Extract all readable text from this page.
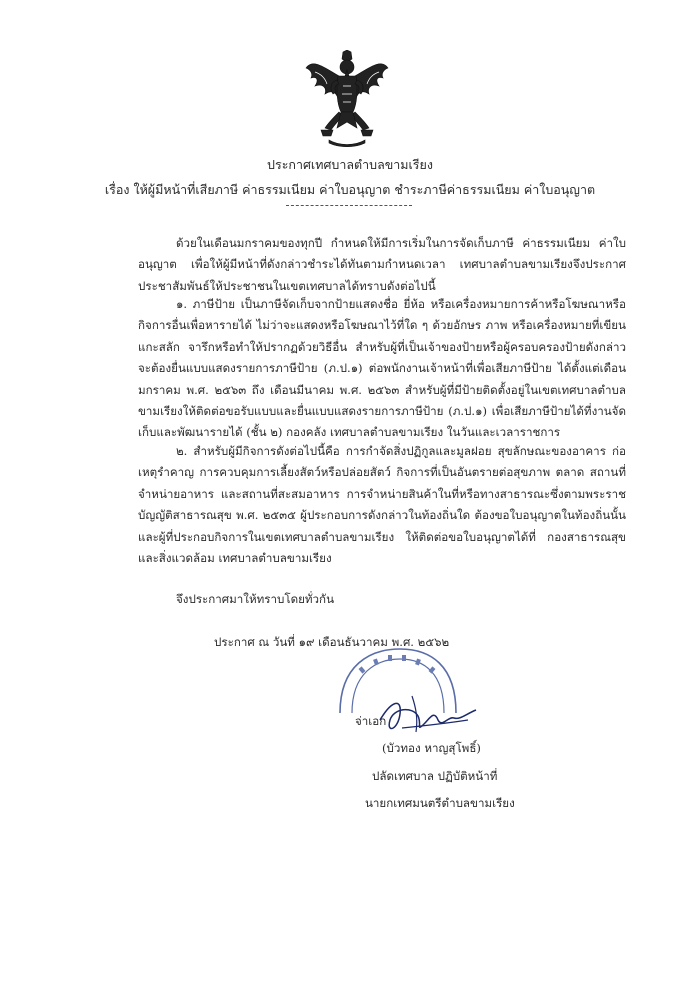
ประกาศเทศบาลตำบลขามเรียง
เรื่อง ให้ผู้มีหน้าที่เสียภาษี ค่าธรรมเนียม ค่าใบอนุญาต ชำระภาษีค่าธรรมเนียม ค่าใบอนุญาต
ด้วยในเดือนมกราคมของทุกปี กำหนดให้มีการเริ่มในการจัดเก็บภาษี ค่าธรรมเนียม ค่าใบอนุญาต เพื่อให้ผู้มีหน้าที่ดังกล่าวชำระได้ทันตามกำหนดเวลา เทศบาลตำบลขามเรียงจึงประกาศประชาสัมพันธ์ให้ประชาชนในเขตเทศบาลได้ทราบดังต่อไปนี้
๑. ภาษีป้าย เป็นภาษีจัดเก็บจากป้ายแสดงชื่อ ยี่ห้อ หรือเครื่องหมายการค้าหรือโฆษณาหรือกิจการอื่นเพื่อหารายได้ ไม่ว่าจะแสดงหรือโฆษณาไว้ที่ใด ๆ ด้วยอักษร ภาพ หรือเครื่องหมายที่เขียน แกะสลัก จารึกหรือทำให้ปรากฏด้วยวิธีอื่น สำหรับผู้ที่เป็นเจ้าของป้ายหรือผู้ครอบครองป้ายดังกล่าวจะต้องยื่นแบบแสดงรายการภาษีป้าย (ภ.ป.๑) ต่อพนักงานเจ้าหน้าที่เพื่อเสียภาษีป้าย ได้ตั้งแต่เดือนมกราคม พ.ศ. ๒๕๖๓ ถึง เดือนมีนาคม พ.ศ. ๒๕๖๓ สำหรับผู้ที่มีป้ายติดตั้งอยู่ในเขตเทศบาลตำบลขามเรียงให้ติดต่อขอรับแบบและยื่นแบบแสดงรายการภาษีป้าย (ภ.ป.๑) เพื่อเสียภาษีป้ายได้ที่งานจัดเก็บและพัฒนารายได้ (ชั้น ๒) กองคลัง เทศบาลตำบลขามเรียง ในวันและเวลาราชการ
๒. สำหรับผู้มีกิจการดังต่อไปนี้คือ การกำจัดสิ่งปฏิกูลและมูลฝอย สุขลักษณะของอาคาร ก่อเหตุรำคาญ การควบคุมการเลี้ยงสัตว์หรือปล่อยสัตว์ กิจการที่เป็นอันตรายต่อสุขภาพ ตลาด สถานที่จำหน่ายอาหาร และสถานที่สะสมอาหาร การจำหน่ายสินค้าในที่หรือทางสาธารณะซึ่งตามพระราชบัญญัติสาธารณสุข พ.ศ. ๒๕๓๕ ผู้ประกอบการดังกล่าวในท้องถิ่นใด ต้องขอใบอนุญาตในท้องถิ่นนั้นและผู้ที่ประกอบกิจการในเขตเทศบาลตำบลขามเรียง ให้ติดต่อขอใบอนุญาตได้ที่ กองสาธารณสุขและสิ่งแวดล้อม เทศบาลตำบลขามเรียง
จึงประกาศมาให้ทราบโดยทั่วกัน
ประกาศ ณ วันที่ ๑๙ เดือนธันวาคม พ.ศ. ๒๕๖๒
จ่าเอก
(บัวทอง หาญสุโพธิ์)
ปลัดเทศบาล ปฏิบัติหน้าที่
นายกเทศมนตรีตำบลขามเรียง
